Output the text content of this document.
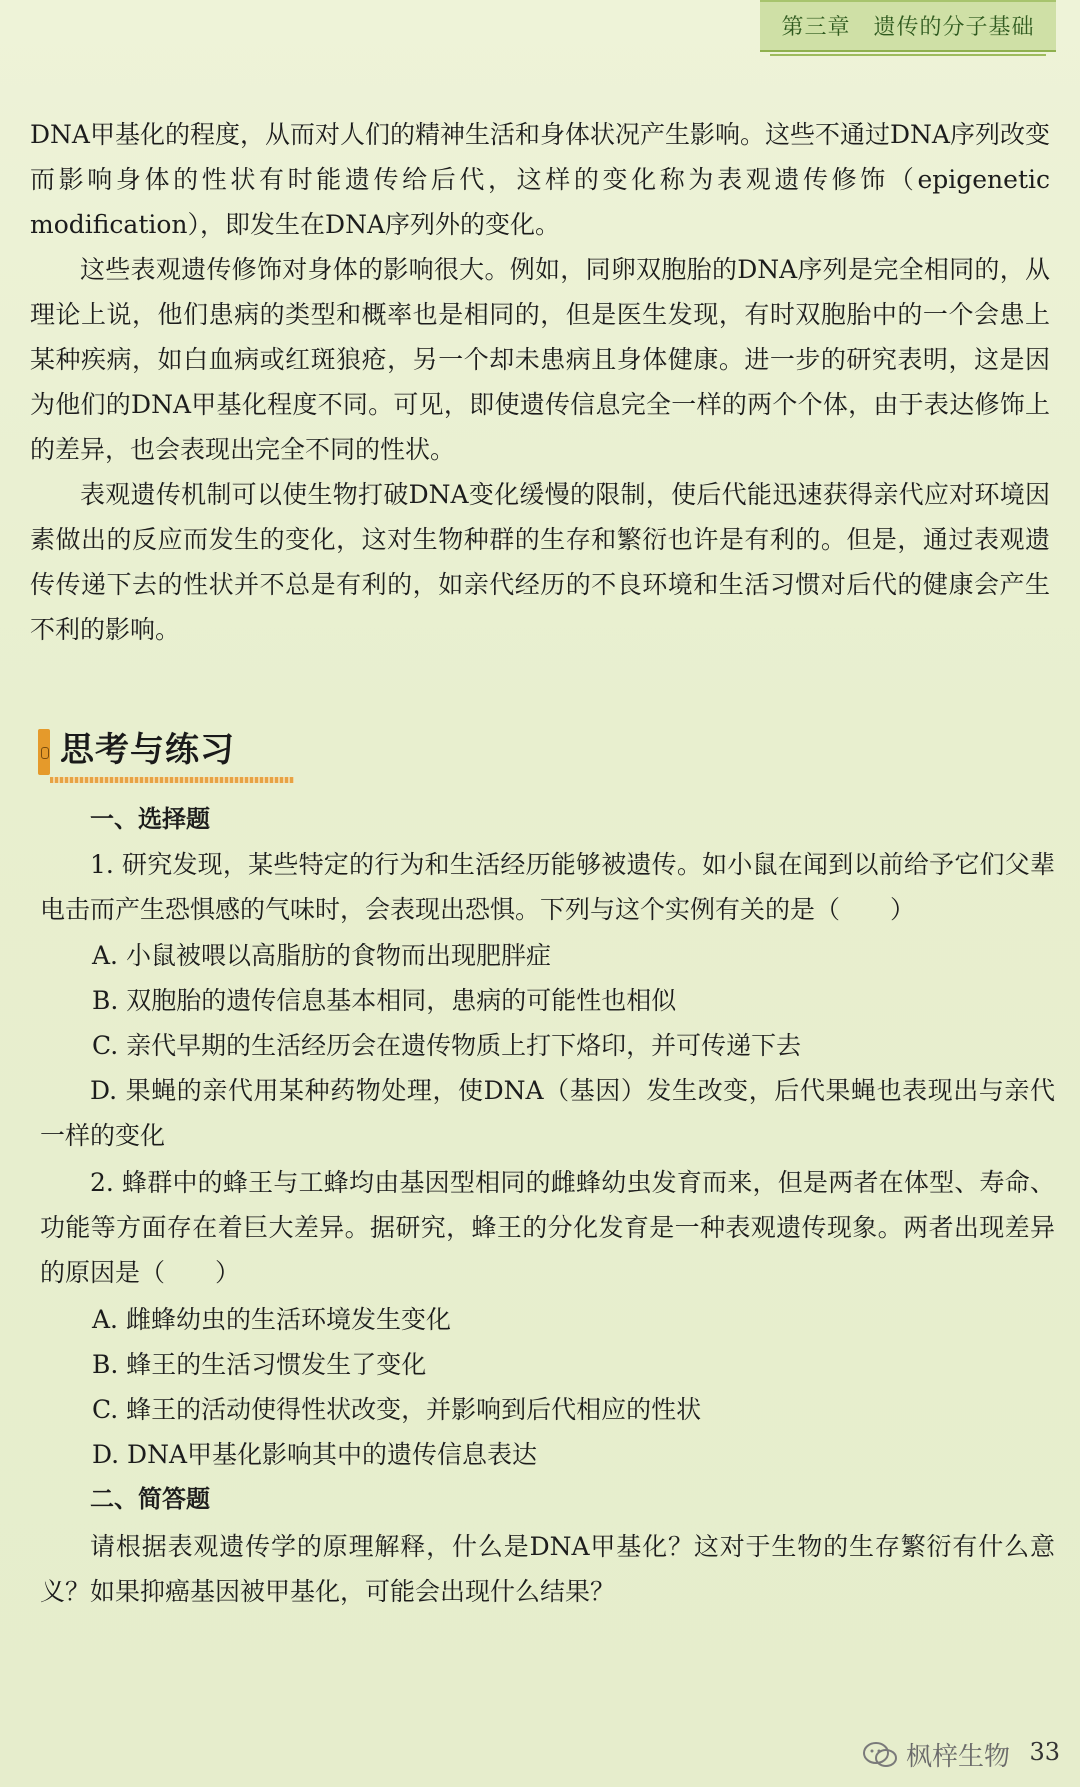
第三章　遗传的分子基础

DNA甲基化的程度，从而对人们的精神生活和身体状况产生影响。这些不通过DNA序列改变而影响身体的性状有时能遗传给后代，这样的变化称为表观遗传修饰（epigenetic modification），即发生在DNA序列外的变化。

这些表观遗传修饰对身体的影响很大。例如，同卵双胞胎的DNA序列是完全相同的，从理论上说，他们患病的类型和概率也是相同的，但是医生发现，有时双胞胎中的一个会患上某种疾病，如白血病或红斑狼疮，另一个却未患病且身体健康。进一步的研究表明，这是因为他们的DNA甲基化程度不同。可见，即使遗传信息完全一样的两个个体，由于表达修饰上的差异，也会表现出完全不同的性状。

表观遗传机制可以使生物打破DNA变化缓慢的限制，使后代能迅速获得亲代应对环境因素做出的反应而发生的变化，这对生物种群的生存和繁衍也许是有利的。但是，通过表观遗传传递下去的性状并不总是有利的，如亲代经历的不良环境和生活习惯对后代的健康会产生不利的影响。

思考与练习

一、选择题

1. 研究发现，某些特定的行为和生活经历能够被遗传。如小鼠在闻到以前给予它们父辈电击而产生恐惧感的气味时，会表现出恐惧。下列与这个实例有关的是（　　）

A. 小鼠被喂以高脂肪的食物而出现肥胖症

B. 双胞胎的遗传信息基本相同，患病的可能性也相似

C. 亲代早期的生活经历会在遗传物质上打下烙印，并可传递下去

D. 果蝇的亲代用某种药物处理，使DNA（基因）发生改变，后代果蝇也表现出与亲代一样的变化

2. 蜂群中的蜂王与工蜂均由基因型相同的雌蜂幼虫发育而来，但是两者在体型、寿命、功能等方面存在着巨大差异。据研究，蜂王的分化发育是一种表观遗传现象。两者出现差异的原因是（　　）

A. 雌蜂幼虫的生活环境发生变化

B. 蜂王的生活习惯发生了变化

C. 蜂王的活动使得性状改变，并影响到后代相应的性状

D. DNA甲基化影响其中的遗传信息表达

二、简答题

请根据表观遗传学的原理解释，什么是DNA甲基化？这对于生物的生存繁衍有什么意义？如果抑癌基因被甲基化，可能会出现什么结果？

枫梓生物 33
